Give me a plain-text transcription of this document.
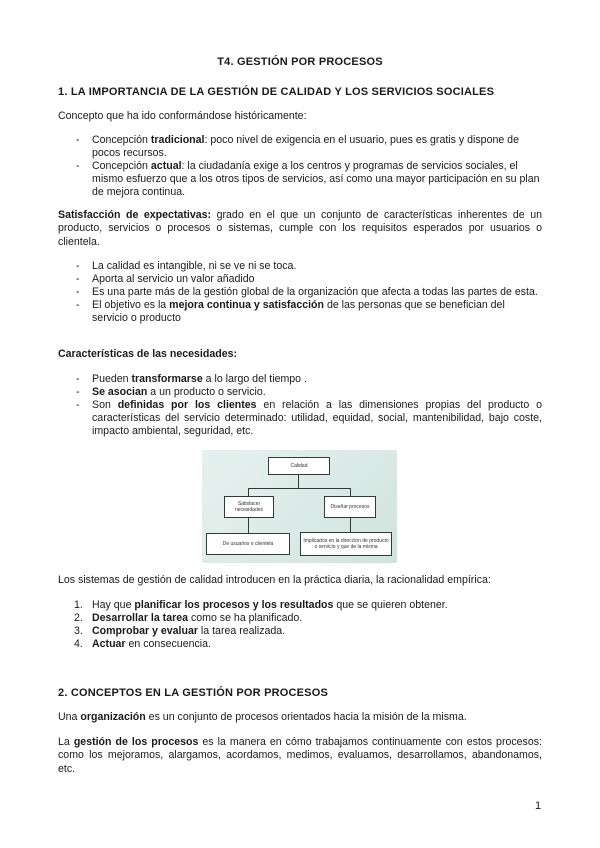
T4. GESTIÓN POR PROCESOS
1. LA IMPORTANCIA DE LA GESTIÓN DE CALIDAD Y LOS SERVICIOS SOCIALES
Concepto que ha ido conformándose históricamente:
- Concepción tradicional: poco nivel de exigencia en el usuario, pues es gratis y dispone de pocos recursos.
- Concepción actual: la ciudadanía exige a los centros y programas de servicios sociales, el mismo esfuerzo que a los otros tipos de servicios, así como una mayor participación en su plan de mejora continua.
Satisfacción de expectativas: grado en el que un conjunto de características inherentes de un producto, servicios o procesos o sistemas, cumple con los requisitos esperados por usuarios o clientela.
- La calidad es intangible, ni se ve ni se toca.
- Aporta al servicio un valor añadido
- Es una parte más de la gestión global de la organización que afecta a todas las partes de esta.
- El objetivo es la mejora continua y satisfacción de las personas que se benefician del servicio o producto
Características de las necesidades:
- Pueden transformarse a lo largo del tiempo .
- Se asocian a un producto o servicio.
- Son definidas por los clientes en relación a las dimensiones propias del producto o características del servicio determinado: utilidad, equidad, social, mantenibilidad, bajo coste, impacto ambiental, seguridad, etc.
Calidad
Satisfacer necesidades	Diseñar procesos
De usuarios o clientela	Implicados en la dirección de producto o servicio y que de la misma
Los sistemas de gestión de calidad introducen en la práctica diaria, la racionalidad empírica:
1. Hay que planificar los procesos y los resultados que se quieren obtener.
2. Desarrollar la tarea como se ha planificado.
3. Comprobar y evaluar la tarea realizada.
4. Actuar en consecuencia.
2. CONCEPTOS EN LA GESTIÓN POR PROCESOS
Una organización es un conjunto de procesos orientados hacia la misión de la misma.
La gestión de los procesos es la manera en cómo trabajamos continuamente con estos procesos: como los mejoramos, alargamos, acordamos, medimos, evaluamos, desarrollamos, abandonamos, etc.
1
